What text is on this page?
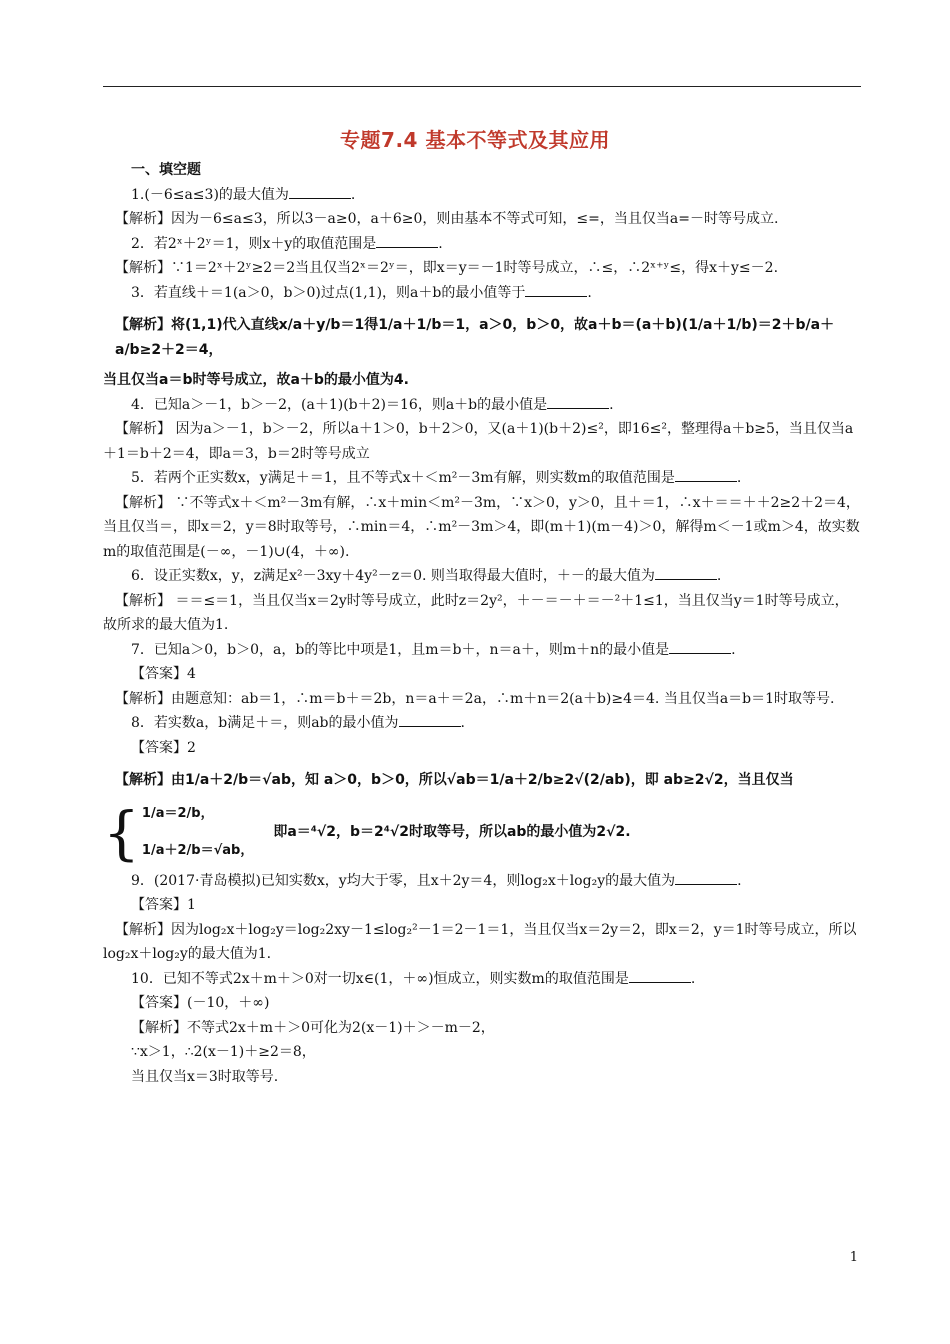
专题7.4 基本不等式及其应用
一、填空题

1.(－6≤a≤3)的最大值为	.

【解析】因为－6≤a≤3，所以3－a≥0，a＋6≥0，则由基本不等式可知，≤=，当且仅当a=－时等号成立.

2．若2ˣ＋2ʸ＝1，则x＋y的取值范围是	.

【解析】∵1＝2ˣ＋2ʸ≥2＝2当且仅当2ˣ＝2ʸ＝，即x＝y＝－1时等号成立，∴≤，∴2ˣ⁺ʸ≤，得x＋y≤－2.

3．若直线＋＝1(a＞0，b＞0)过点(1,1)，则a＋b的最小值等于	.

【解析】将(1,1)代入直线x/a＋y/b＝1得1/a＋1/b＝1，a＞0，b＞0，故a＋b＝(a＋b)(1/a＋1/b)＝2＋b/a＋a/b≥2＋2＝4，

当且仅当a＝b时等号成立，故a＋b的最小值为4.

4．已知a＞－1，b＞－2，(a＋1)(b＋2)＝16，则a＋b的最小值是	.

【解析】 因为a＞－1，b＞－2，所以a＋1＞0，b＋2＞0，又(a＋1)(b＋2)≤²，即16≤²，整理得a＋b≥5，当且仅当a＋1＝b＋2＝4，即a＝3，b＝2时等号成立

5．若两个正实数x，y满足＋＝1，且不等式x＋＜m²－3m有解，则实数m的取值范围是	.

【解析】 ∵不等式x＋＜m²－3m有解，∴x＋min＜m²－3m，∵x＞0，y＞0，且＋＝1，∴x＋＝＝＋＋2≥2＋2＝4，当且仅当＝，即x＝2，y＝8时取等号，∴min＝4，∴m²－3m＞4，即(m＋1)(m－4)＞0，解得m＜－1或m＞4，故实数m的取值范围是(－∞，－1)∪(4，＋∞).

6．设正实数x，y，z满足x²－3xy＋4y²－z＝0. 则当取得最大值时，＋－的最大值为	.

【解析】 ＝＝≤＝1，当且仅当x＝2y时等号成立，此时z＝2y²，＋－＝－＋＝－²＋1≤1，当且仅当y＝1时等号成立，故所求的最大值为1.

7．已知a＞0，b＞0，a，b的等比中项是1，且m＝b＋，n＝a＋，则m＋n的最小值是	.

【答案】4

【解析】由题意知：ab＝1，∴m＝b＋＝2b，n＝a＋＝2a，∴m＋n＝2(a＋b)≥4＝4. 当且仅当a＝b＝1时取等号.

8．若实数a，b满足＋＝，则ab的最小值为	.

【答案】2

【解析】由1/a＋2/b＝√ab，知 a＞0，b＞0，所以√ab＝1/a＋2/b≥2√(2/ab)，即 ab≥2√2，当且仅当

{ 1/a＝2/b，
1/a＋2/b＝√ab，
即a＝⁴√2，b＝2⁴√2时取等号，所以ab的最小值为2√2.

9．(2017·青岛模拟)已知实数x，y均大于零，且x＋2y＝4，则log₂x＋log₂y的最大值为	.

【答案】1

【解析】因为log₂x＋log₂y＝log₂2xy－1≤log₂²－1＝2－1＝1，当且仅当x＝2y＝2，即x＝2，y＝1时等号成立，所以log₂x＋log₂y的最大值为1.

10．已知不等式2x＋m＋＞0对一切x∈(1，＋∞)恒成立，则实数m的取值范围是	.

【答案】(－10，＋∞)

【解析】不等式2x＋m＋＞0可化为2(x－1)＋＞－m－2，

∵x＞1，∴2(x－1)＋≥2＝8，

当且仅当x＝3时取等号.

1
